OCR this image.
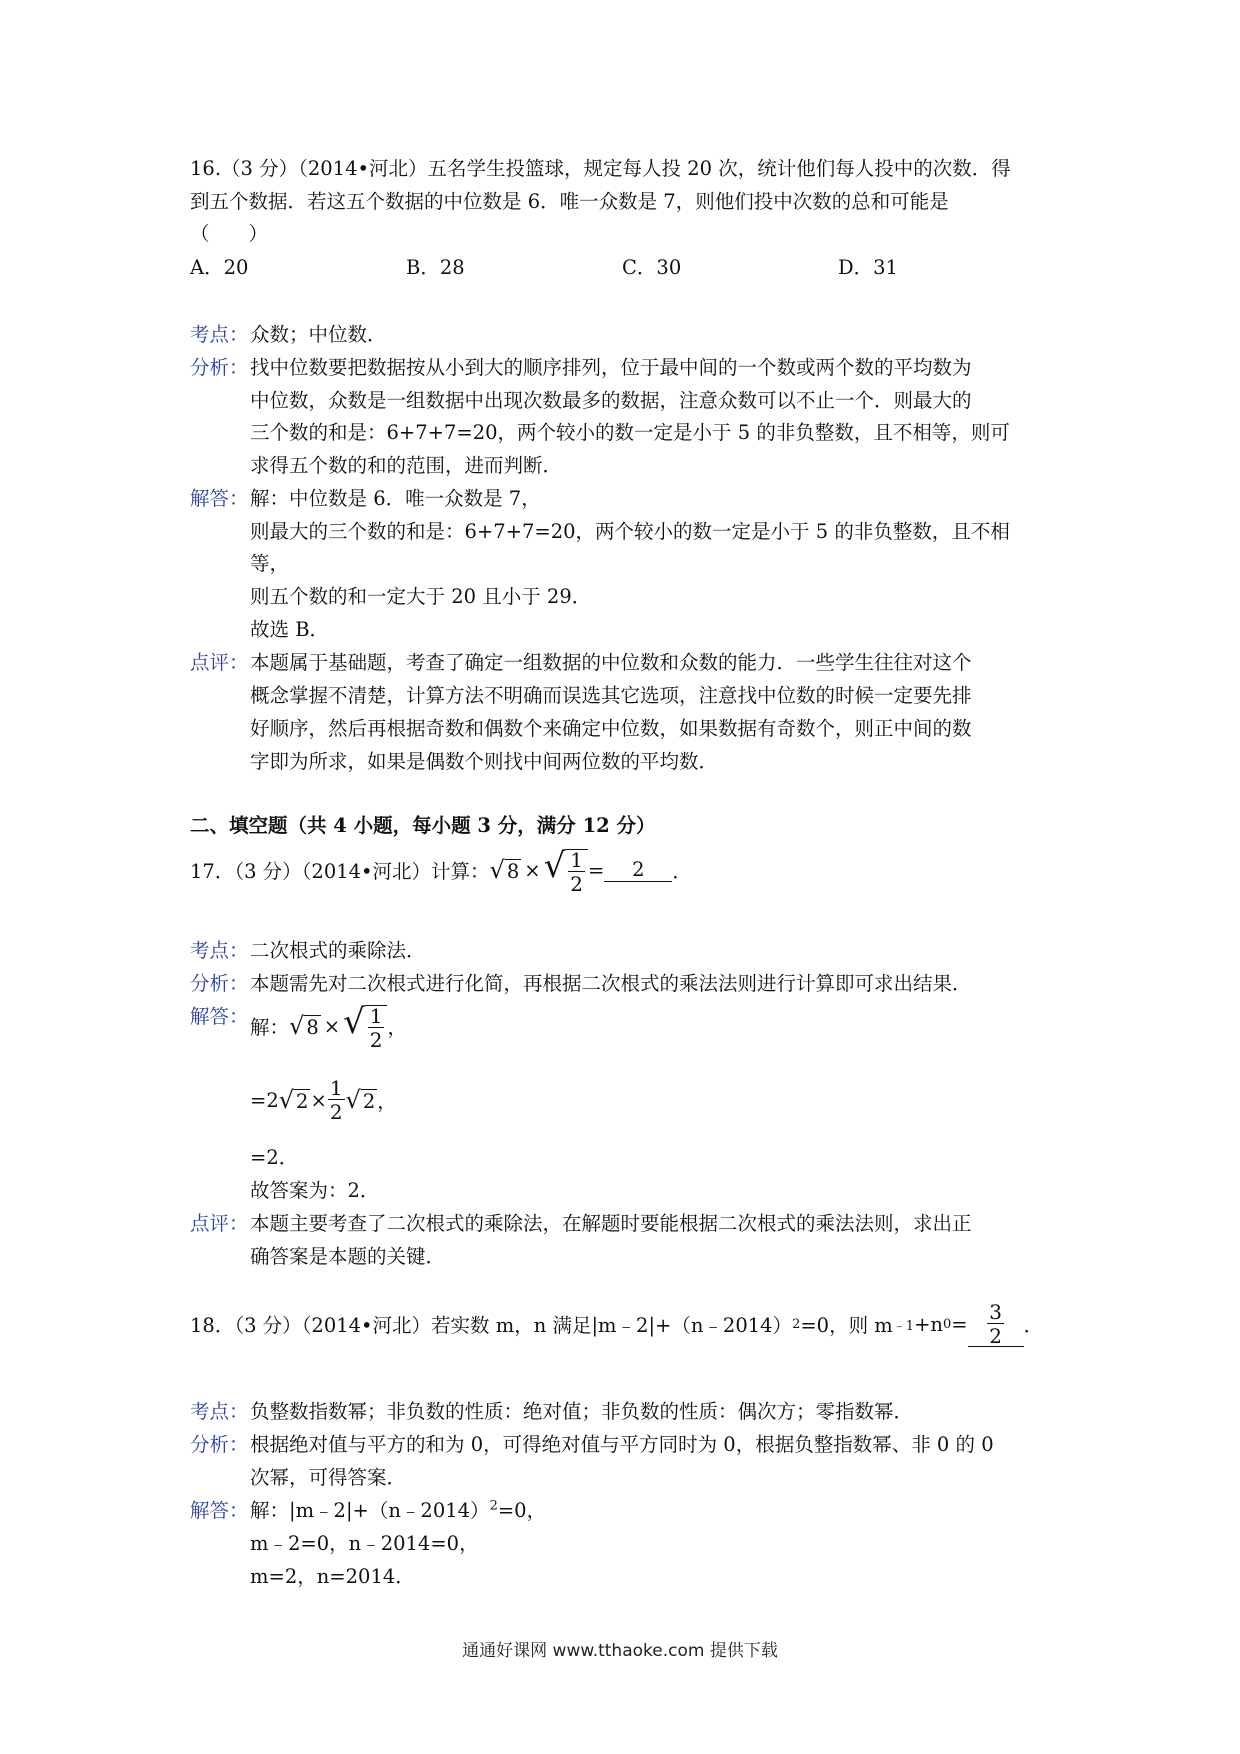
16.（3 分）（2014•河北）五名学生投篮球，规定每人投 20 次，统计他们每人投中的次数．得
到五个数据．若这五个数据的中位数是 6．唯一众数是 7，则他们投中次数的总和可能是
（　　）
A．20	B．28	C．30	D．31
考点： 众数；中位数．
分析： 找中位数要把数据按从小到大的顺序排列，位于最中间的一个数或两个数的平均数为
中位数，众数是一组数据中出现次数最多的数据，注意众数可以不止一个．则最大的
三个数的和是：6+7+7=20，两个较小的数一定是小于 5 的非负整数，且不相等，则可
求得五个数的和的范围，进而判断．
解答： 解：中位数是 6．唯一众数是 7，
则最大的三个数的和是：6+7+7=20，两个较小的数一定是小于 5 的非负整数，且不相
等，
则五个数的和一定大于 20 且小于 29．
故选 B．
点评： 本题属于基础题，考查了确定一组数据的中位数和众数的能力．一些学生往往对这个
概念掌握不清楚，计算方法不明确而误选其它选项，注意找中位数的时候一定要先排
好顺序，然后再根据奇数和偶数个来确定中位数，如果数据有奇数个，则正中间的数
字即为所求，如果是偶数个则找中间两位数的平均数．
二、填空题（共 4 小题，每小题 3 分，满分 12 分）
17．（3 分）（2014•河北）计算： √ 8 × √ $\frac{1}{2}$ =	2	．
考点： 二次根式的乘除法．
分析： 本题需先对二次根式进行化简，再根据二次根式的乘法法则进行计算即可求出结果．
解答： 解： √ 8 × √ $\frac{1}{2}$ ，
=2 √ $2 \times \frac{1}{2}$ √ 2 ，
=2．
故答案为：2．
点评： 本题主要考查了二次根式的乘除法，在解题时要能根据二次根式的乘法法则，求出正
确答案是本题的关键．
18．（3 分）（2014•河北）若实数 m，n 满足|m﹣2|+（n﹣2014） 2 =0，则 m ﹣1 +n $0 = \frac{3}{2}$ ．
考点： 负整数指数幂；非负数的性质：绝对值；非负数的性质：偶次方；零指数幂．
分析： 根据绝对值与平方的和为 0，可得绝对值与平方同时为 0，根据负整指数幂、非 0 的 0
次幂，可得答案．
解答： 解：|m﹣2|+（n﹣2014）$^2$=0，
m﹣2=0，n﹣2014=0，
m=2，n=2014．
通通好课网 www.tthaoke.com 提供下载
